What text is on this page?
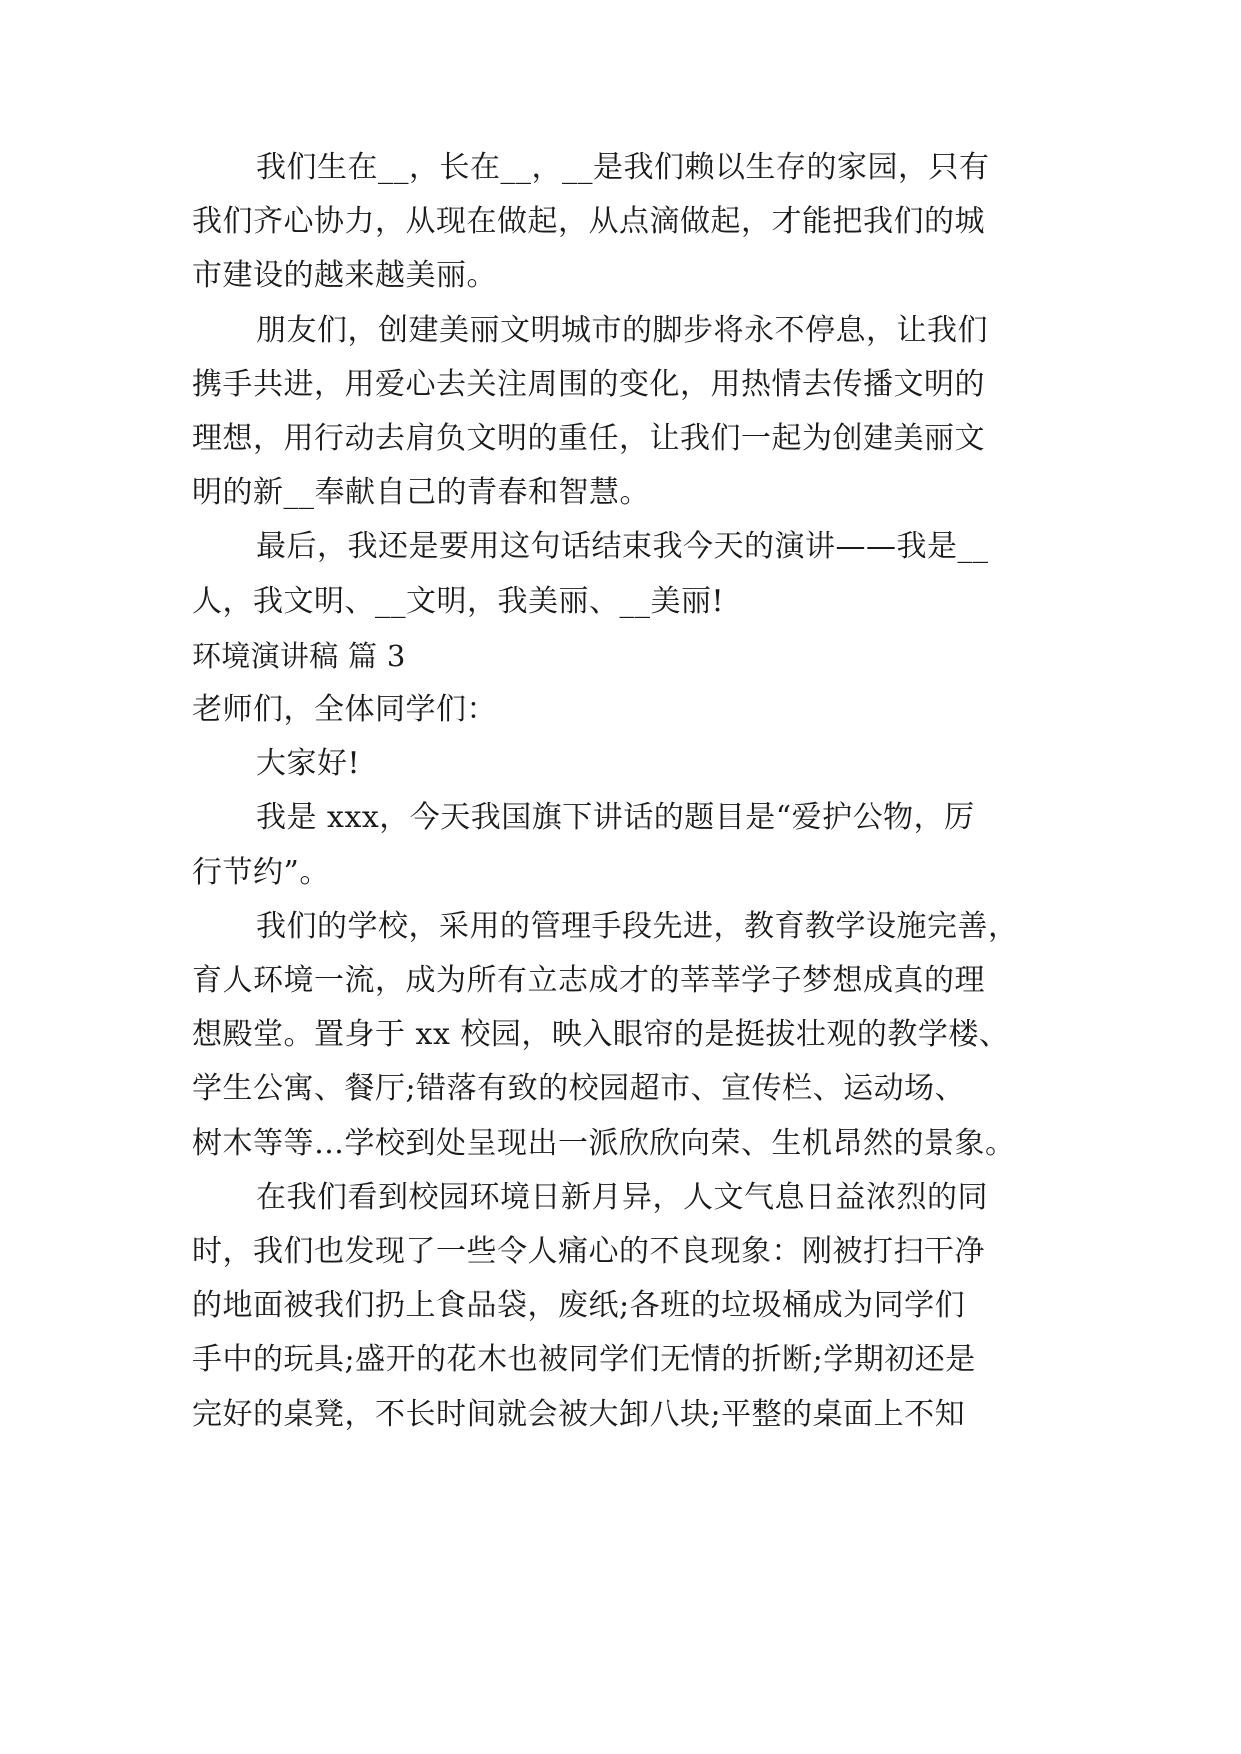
我们生在__，长在__，__是我们赖以生存的家园，只有
我们齐心协力，从现在做起，从点滴做起，才能把我们的城
市建设的越来越美丽。
朋友们，创建美丽文明城市的脚步将永不停息，让我们
携手共进，用爱心去关注周围的变化，用热情去传播文明的
理想，用行动去肩负文明的重任，让我们一起为创建美丽文
明的新__奉献自己的青春和智慧。
最后，我还是要用这句话结束我今天的演讲——我是__
人，我文明、__文明，我美丽、__美丽!
环境演讲稿 篇 3
老师们，全体同学们：
大家好!
我是 xxx，今天我国旗下讲话的题目是“爱护公物，厉
行节约”。
我们的学校，采用的管理手段先进，教育教学设施完善，
育人环境一流，成为所有立志成才的莘莘学子梦想成真的理
想殿堂。置身于 xx 校园，映入眼帘的是挺拔壮观的教学楼、
学生公寓、餐厅;错落有致的校园超市、宣传栏、运动场、
树木等等…学校到处呈现出一派欣欣向荣、生机昂然的景象。
在我们看到校园环境日新月异，人文气息日益浓烈的同
时，我们也发现了一些令人痛心的不良现象：刚被打扫干净
的地面被我们扔上食品袋，废纸;各班的垃圾桶成为同学们
手中的玩具;盛开的花木也被同学们无情的折断;学期初还是
完好的桌凳，不长时间就会被大卸八块;平整的桌面上不知
